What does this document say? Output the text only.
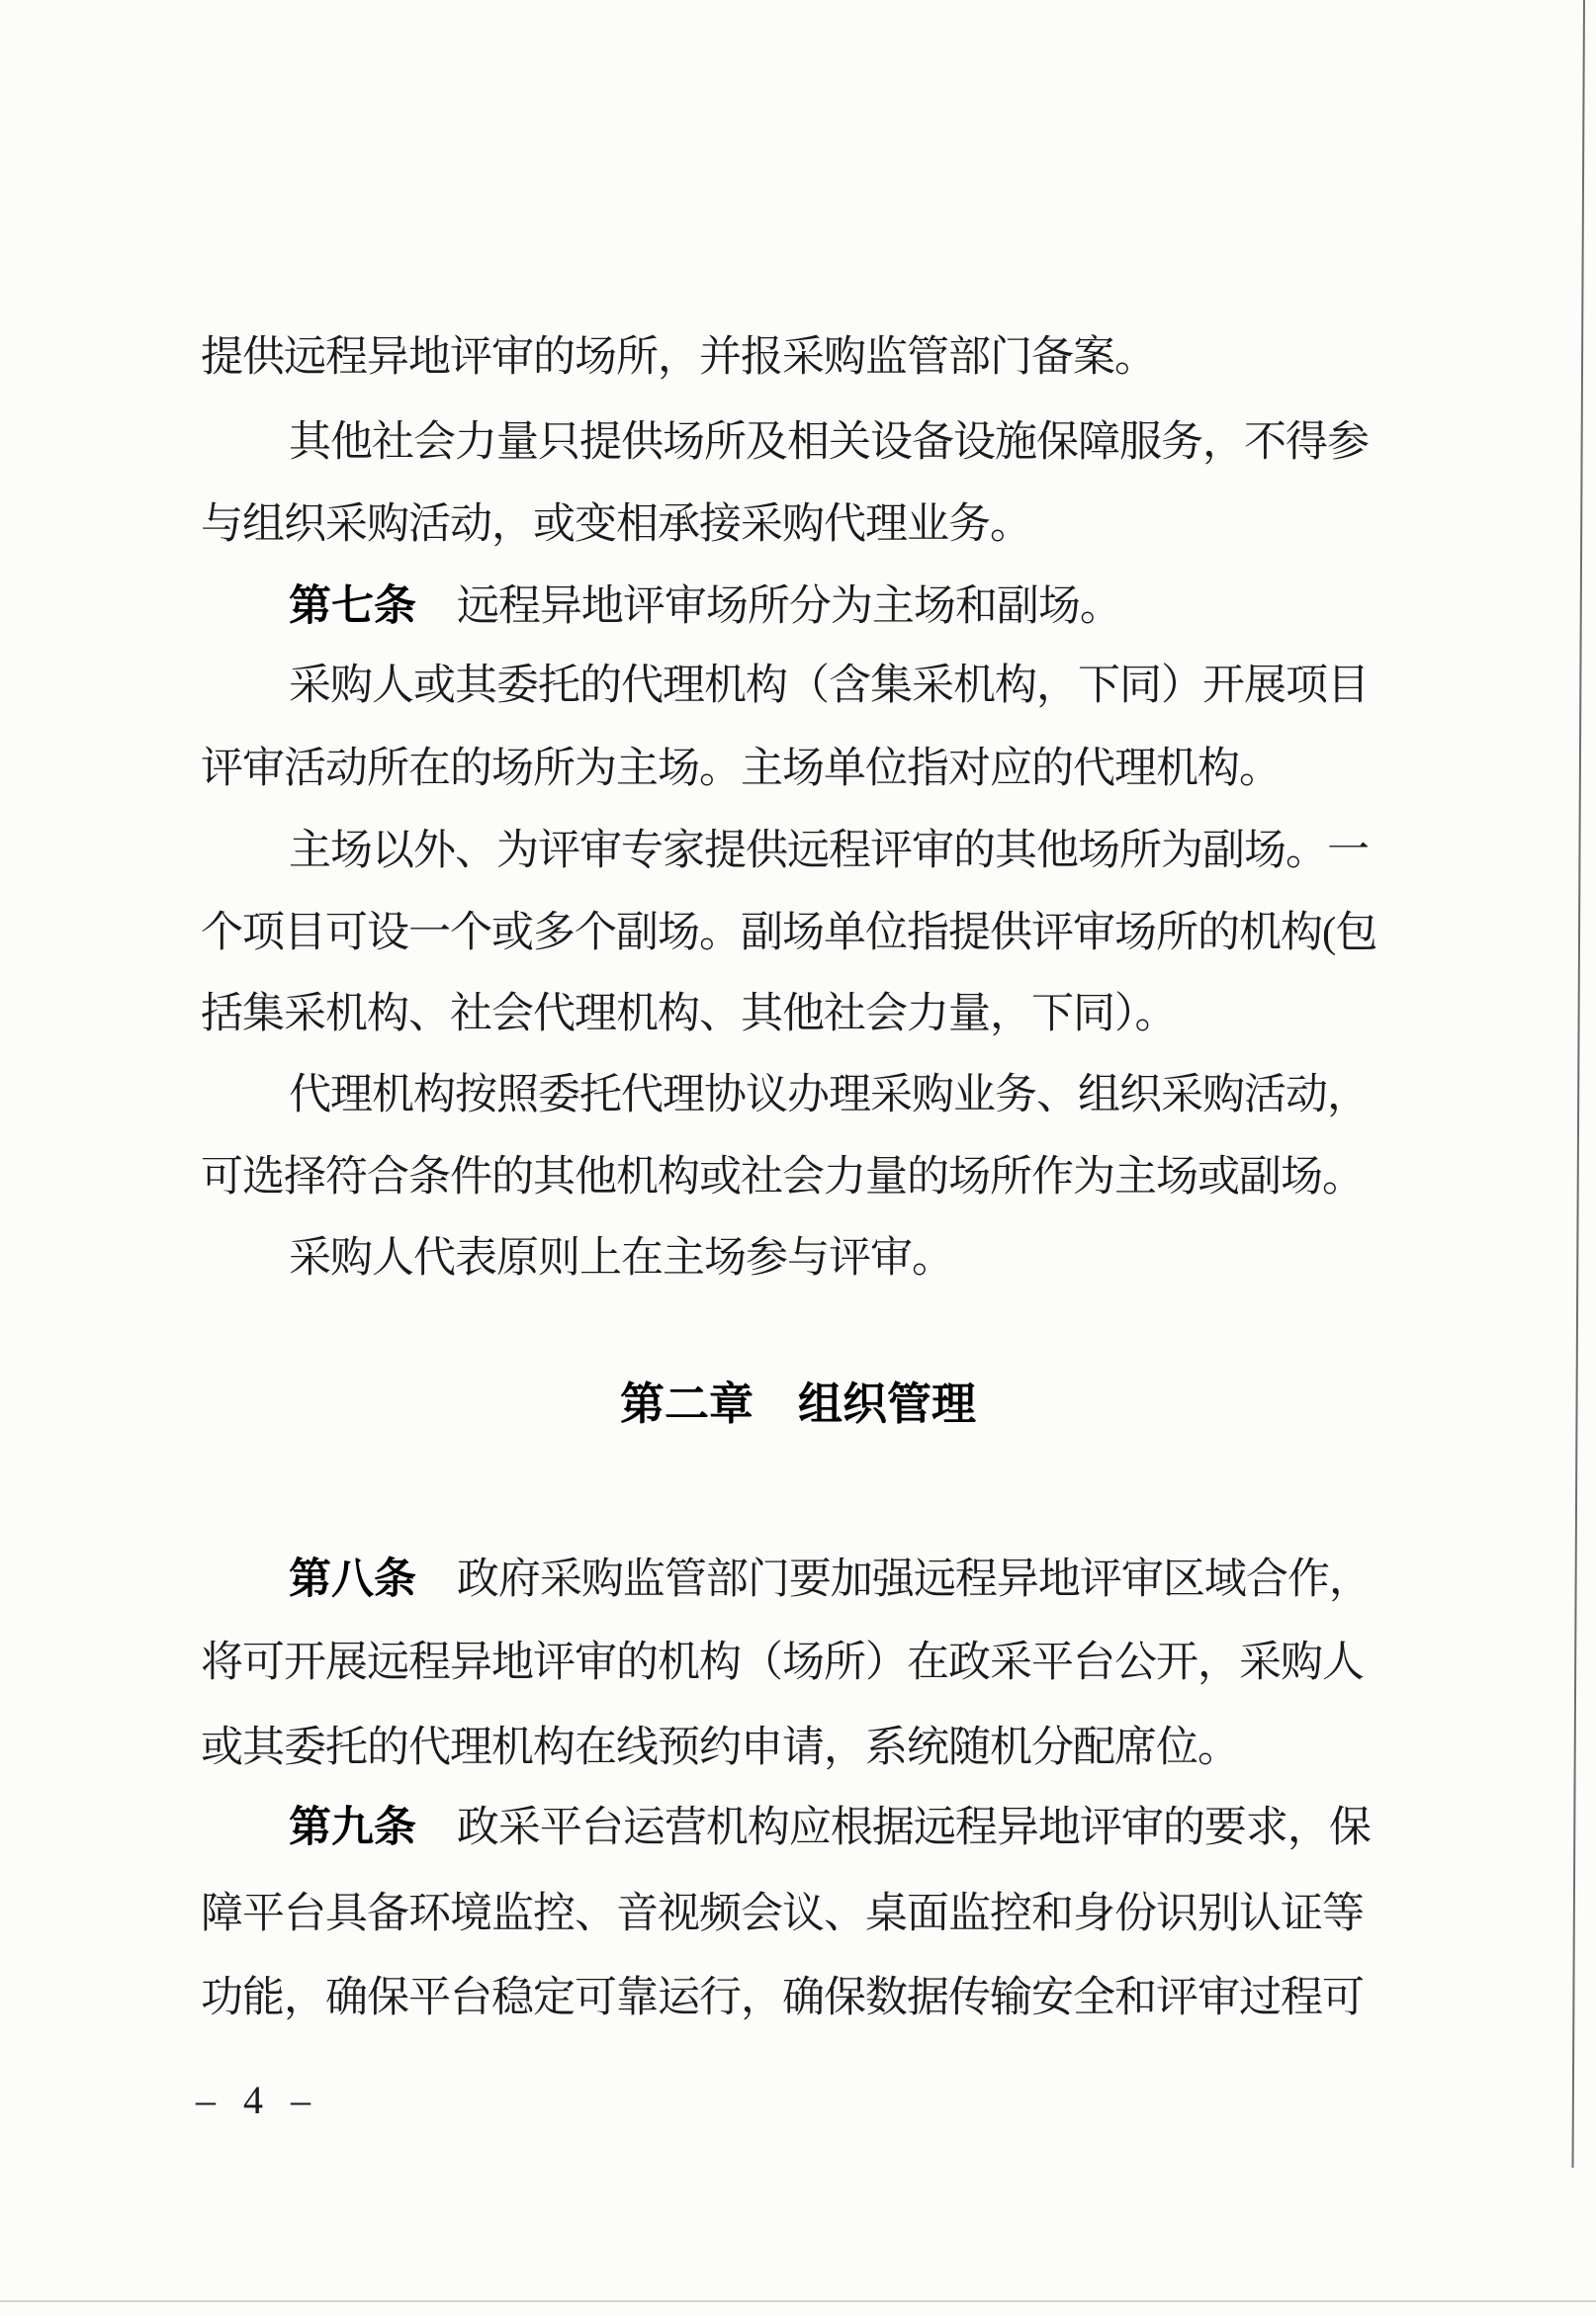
提供远程异地评审的场所，并报采购监管部门备案。
其他社会力量只提供场所及相关设备设施保障服务，不得参
与组织采购活动，或变相承接采购代理业务。
第七条 远程异地评审场所分为主场和副场。
采购人或其委托的代理机构（含集采机构，下同）开展项目
评审活动所在的场所为主场。主场单位指对应的代理机构。
主场以外、为评审专家提供远程评审的其他场所为副场。一
个项目可设一个或多个副场。副场单位指提供评审场所的机构(包
括集采机构、社会代理机构、其他社会力量，下同）。
代理机构按照委托代理协议办理采购业务、组织采购活动，
可选择符合条件的其他机构或社会力量的场所作为主场或副场。
采购人代表原则上在主场参与评审。
第二章 组织管理
第八条 政府采购监管部门要加强远程异地评审区域合作，
将可开展远程异地评审的机构（场所）在政采平台公开，采购人
或其委托的代理机构在线预约申请，系统随机分配席位。
第九条 政采平台运营机构应根据远程异地评审的要求，保
障平台具备环境监控、音视频会议、桌面监控和身份识别认证等
功能，确保平台稳定可靠运行，确保数据传输安全和评审过程可
– 4 –
